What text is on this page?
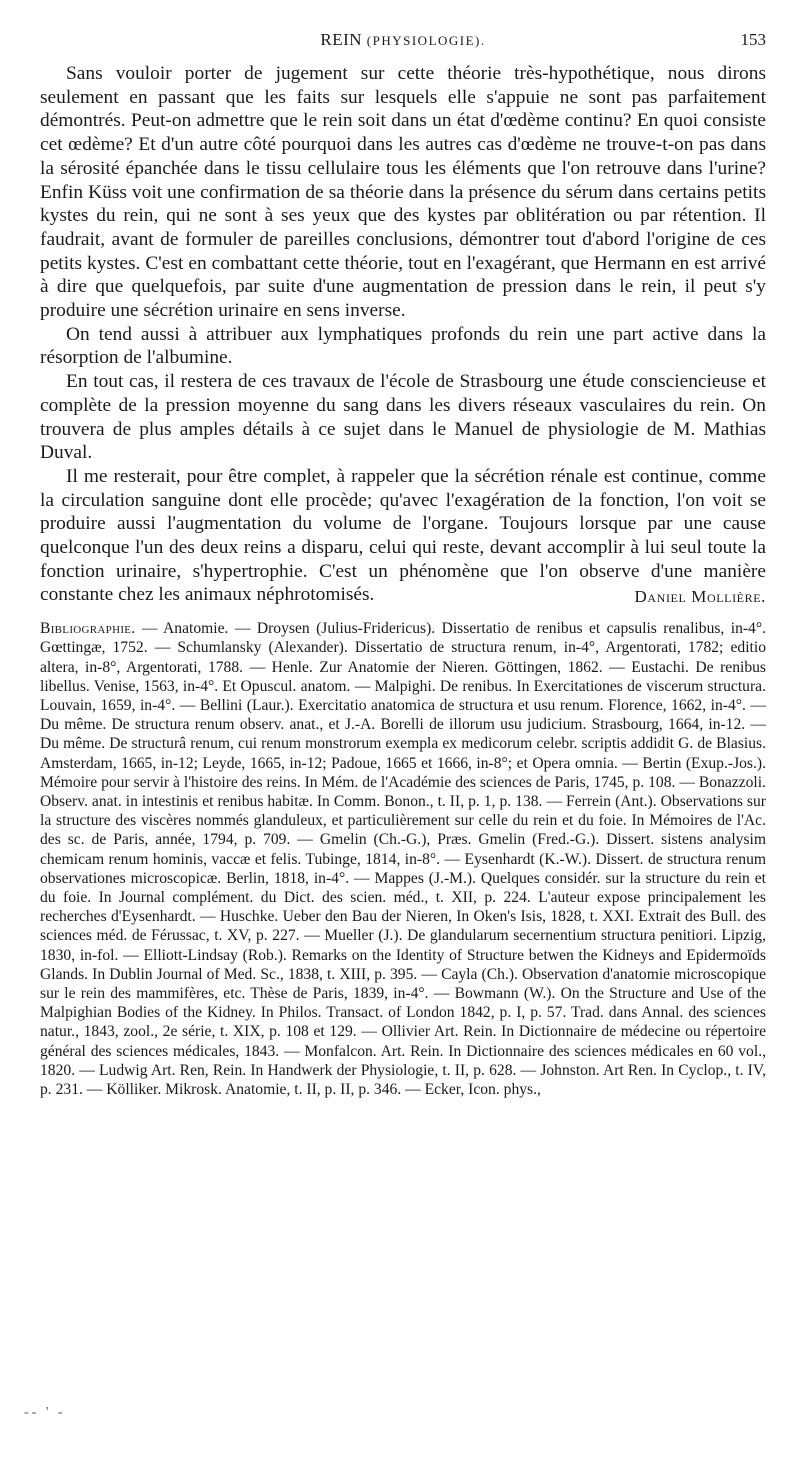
REIN (PHYSIOLOGIE).	153

Sans vouloir porter de jugement sur cette théorie très-hypothétique, nous dirons seulement en passant que les faits sur lesquels elle s'appuie ne sont pas parfaitement démontrés. Peut-on admettre que le rein soit dans un état d'œdème continu? En quoi consiste cet œdème? Et d'un autre côté pourquoi dans les autres cas d'œdème ne trouve-t-on pas dans la sérosité épanchée dans le tissu cellulaire tous les éléments que l'on retrouve dans l'urine? Enfin Küss voit une confirmation de sa théorie dans la présence du sérum dans certains petits kystes du rein, qui ne sont à ses yeux que des kystes par oblitération ou par rétention. Il faudrait, avant de formuler de pareilles conclusions, démontrer tout d'abord l'origine de ces petits kystes. C'est en combattant cette théorie, tout en l'exagérant, que Hermann en est arrivé à dire que quelquefois, par suite d'une augmentation de pression dans le rein, il peut s'y produire une sécrétion urinaire en sens inverse.

On tend aussi à attribuer aux lymphatiques profonds du rein une part active dans la résorption de l'albumine.

En tout cas, il restera de ces travaux de l'école de Strasbourg une étude consciencieuse et complète de la pression moyenne du sang dans les divers réseaux vasculaires du rein. On trouvera de plus amples détails à ce sujet dans le Manuel de physiologie de M. Mathias Duval.

Il me resterait, pour être complet, à rappeler que la sécrétion rénale est continue, comme la circulation sanguine dont elle procède; qu'avec l'exagération de la fonction, l'on voit se produire aussi l'augmentation du volume de l'organe. Toujours lorsque par une cause quelconque l'un des deux reins a disparu, celui qui reste, devant accomplir à lui seul toute la fonction urinaire, s'hypertrophie. C'est un phénomène que l'on observe d'une manière constante chez les animaux néphrotomisés.	Daniel Mollière.

Bibliographie. — Anatomie. — Droysen (Julius-Fridericus). Dissertatio de renibus et capsulis renalibus, in-4°. Gœttingæ, 1752. — Schumlansky (Alexander). Dissertatio de structura renum, in-4°, Argentorati, 1782; editio altera, in-8°, Argentorati, 1788. — Henle. Zur Anatomie der Nieren. Göttingen, 1862. — Eustachi. De renibus libellus. Venise, 1563, in-4°. Et Opuscul. anatom. — Malpighi. De renibus. In Exercitationes de viscerum structura. Louvain, 1659, in-4°. — Bellini (Laur.). Exercitatio anatomica de structura et usu renum. Florence, 1662, in-4°. — Du même. De structura renum observ. anat., et J.-A. Borelli de illorum usu judicium. Strasbourg, 1664, in-12. — Du même. De structurâ renum, cui renum monstrorum exempla ex medicorum celebr. scriptis addidit G. de Blasius. Amsterdam, 1665, in-12; Leyde, 1665, in-12; Padoue, 1665 et 1666, in-8°; et Opera omnia. — Bertin (Exup.-Jos.). Mémoire pour servir à l'histoire des reins. In Mém. de l'Académie des sciences de Paris, 1745, p. 108. — Bonazzoli. Observ. anat. in intestinis et renibus habitæ. In Comm. Bonon., t. II, p. 1, p. 138. — Ferrein (Ant.). Observations sur la structure des viscères nommés glanduleux, et particulièrement sur celle du rein et du foie. In Mémoires de l'Ac. des sc. de Paris, année, 1794, p. 709. — Gmelin (Ch.-G.), Præs. Gmelin (Fred.-G.). Dissert. sistens analysim chemicam renum hominis, vaccæ et felis. Tubinge, 1814, in-8°. — Eysenhardt (K.-W.). Dissert. de structura renum observationes microscopicæ. Berlin, 1818, in-4°. — Mappes (J.-M.). Quelques considér. sur la structure du rein et du foie. In Journal complément. du Dict. des scien. méd., t. XII, p. 224. L'auteur expose principalement les recherches d'Eysenhardt. — Huschke. Ueber den Bau der Nieren, In Oken's Isis, 1828, t. XXI. Extrait des Bull. des sciences méd. de Férussac, t. XV, p. 227. — Mueller (J.). De glandularum secernentium structura penitiori. Lipzig, 1830, in-fol. — Elliott-Lindsay (Rob.). Remarks on the Identity of Structure betwen the Kidneys and Epidermoïds Glands. In Dublin Journal of Med. Sc., 1838, t. XIII, p. 395. — Cayla (Ch.). Observation d'anatomie microscopique sur le rein des mammifères, etc. Thèse de Paris, 1839, in-4°. — Bowmann (W.). On the Structure and Use of the Malpighian Bodies of the Kidney. In Philos. Transact. of London 1842, p. I, p. 57. Trad. dans Annal. des sciences natur., 1843, zool., 2e série, t. XIX, p. 108 et 129. — Ollivier Art. Rein. In Dictionnaire de médecine ou répertoire général des sciences médicales, 1843. — Monfalcon. Art. Rein. In Dictionnaire des sciences médicales en 60 vol., 1820. — Ludwig Art. Ren, Rein. In Handwerk der Physiologie, t. II, p. 628. — Johnston. Art Ren. In Cyclop., t. IV, p. 231. — Kölliker. Mikrosk. Anatomie, t. II, p. II, p. 346. — Ecker, Icon. phys.,
-- ' -
